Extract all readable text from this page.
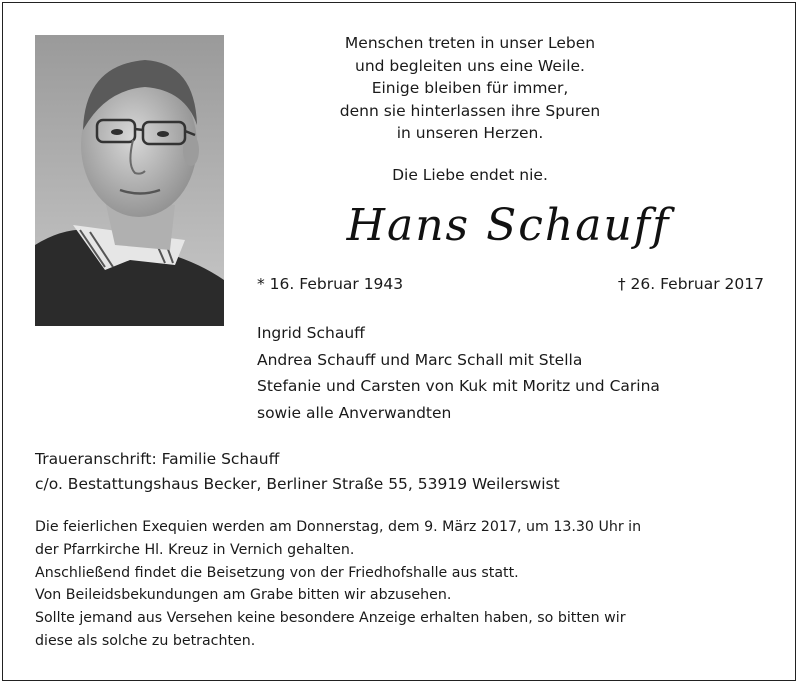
Menschen treten in unser Leben
und begleiten uns eine Weile.
Einige bleiben für immer,
denn sie hinterlassen ihre Spuren
in unseren Herzen.
Die Liebe endet nie.
Hans Schauff
* 16. Februar 1943	† 26. Februar 2017
Ingrid Schauff
Andrea Schauff und Marc Schall mit Stella
Stefanie und Carsten von Kuk mit Moritz und Carina
sowie alle Anverwandten
Traueranschrift: Familie Schauff
c/o. Bestattungshaus Becker, Berliner Straße 55, 53919 Weilerswist
Die feierlichen Exequien werden am Donnerstag, dem 9. März 2017, um 13.30 Uhr in
der Pfarrkirche Hl. Kreuz in Vernich gehalten.
Anschließend findet die Beisetzung von der Friedhofshalle aus statt.
Von Beileidsbekundungen am Grabe bitten wir abzusehen.
Sollte jemand aus Versehen keine besondere Anzeige erhalten haben, so bitten wir
diese als solche zu betrachten.
